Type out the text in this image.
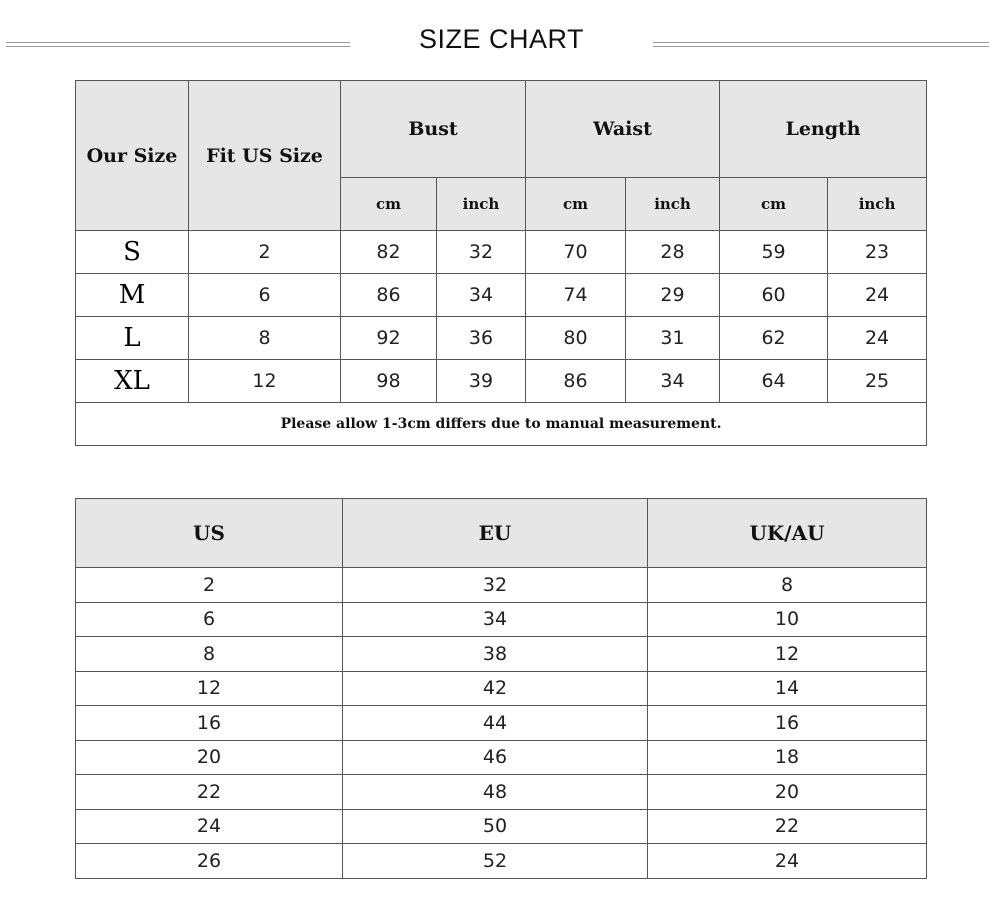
SIZE CHART
Our Size	Fit US Size	Bust		Waist		Length	
		cm	inch	cm	inch	cm	inch
S	2	82	32	70	28	59	23
M	6	86	34	74	29	60	24
L	8	92	36	80	31	62	24
XL	12	98	39	86	34	64	25
Please allow 1-3cm differs due to manual measurement.							
US	EU	UK/AU
2	32	8
6	34	10
8	38	12
12	42	14
16	44	16
20	46	18
22	48	20
24	50	22
26	52	24
